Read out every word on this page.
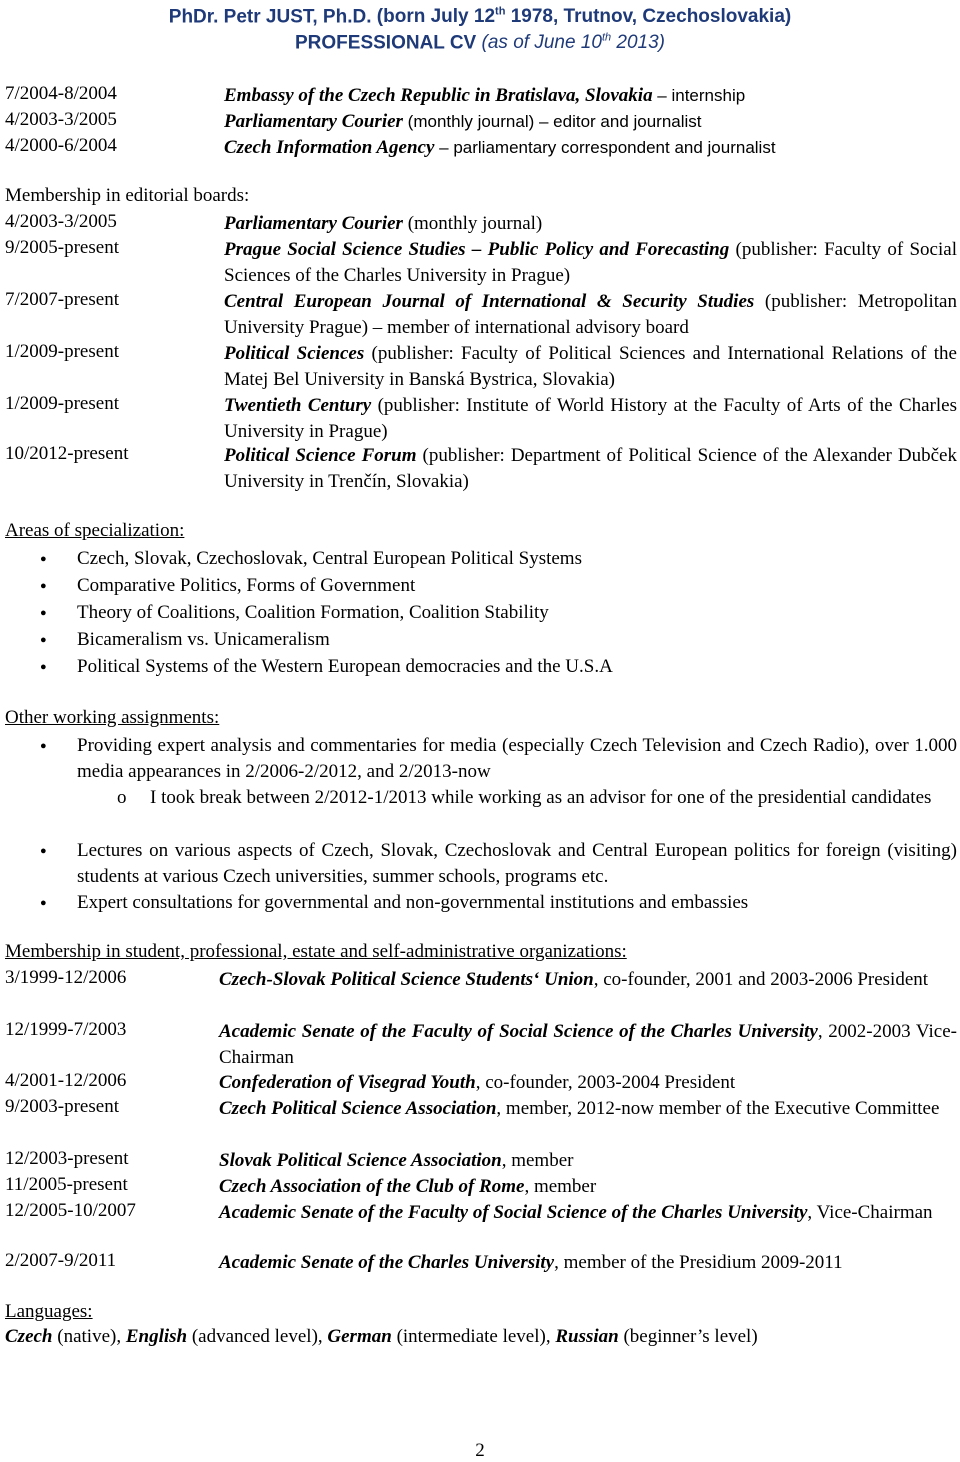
PhDr. Petr JUST, Ph.D. (born July 12th 1978, Trutnov, Czechoslovakia)
PROFESSIONAL CV (as of June 10th 2013)
7/2004-8/2004	Embassy of the Czech Republic in Bratislava, Slovakia – internship
4/2003-3/2005	Parliamentary Courier (monthly journal) – editor and journalist
4/2000-6/2004	Czech Information Agency – parliamentary correspondent and journalist
Membership in editorial boards:
4/2003-3/2005	Parliamentary Courier (monthly journal)
9/2005-present	Prague Social Science Studies – Public Policy and Forecasting (publisher: Faculty of Social Sciences of the Charles University in Prague)
7/2007-present	Central European Journal of International & Security Studies (publisher: Metropolitan University Prague) – member of international advisory board
1/2009-present	Political Sciences (publisher: Faculty of Political Sciences and International Relations of the Matej Bel University in Banská Bystrica, Slovakia)
1/2009-present	Twentieth Century (publisher: Institute of World History at the Faculty of Arts of the Charles University in Prague)
10/2012-present	Political Science Forum (publisher: Department of Political Science of the Alexander Dubček University in Trenčín, Slovakia)
Areas of specialization:
● Czech, Slovak, Czechoslovak, Central European Political Systems
● Comparative Politics, Forms of Government
● Theory of Coalitions, Coalition Formation, Coalition Stability
● Bicameralism vs. Unicameralism
● Political Systems of the Western European democracies and the U.S.A
Other working assignments:
● Providing expert analysis and commentaries for media (especially Czech Television and Czech Radio), over 1.000 media appearances in 2/2006-2/2012, and 2/2013-now
o I took break between 2/2012-1/2013 while working as an advisor for one of the presidential candidates
● Lectures on various aspects of Czech, Slovak, Czechoslovak and Central European politics for foreign (visiting) students at various Czech universities, summer schools, programs etc.
● Expert consultations for governmental and non-governmental institutions and embassies
Membership in student, professional, estate and self-administrative organizations:
3/1999-12/2006	Czech-Slovak Political Science Students‘ Union, co-founder, 2001 and 2003-2006 President
12/1999-7/2003	Academic Senate of the Faculty of Social Science of the Charles University, 2002-2003 Vice-Chairman
4/2001-12/2006	Confederation of Visegrad Youth, co-founder, 2003-2004 President
9/2003-present	Czech Political Science Association, member, 2012-now member of the Executive Committee
12/2003-present	Slovak Political Science Association, member
11/2005-present	Czech Association of the Club of Rome, member
12/2005-10/2007	Academic Senate of the Faculty of Social Science of the Charles University, Vice-Chairman
2/2007-9/2011	Academic Senate of the Charles University, member of the Presidium 2009-2011
Languages:
Czech (native), English (advanced level), German (intermediate level), Russian (beginner’s level)
2
